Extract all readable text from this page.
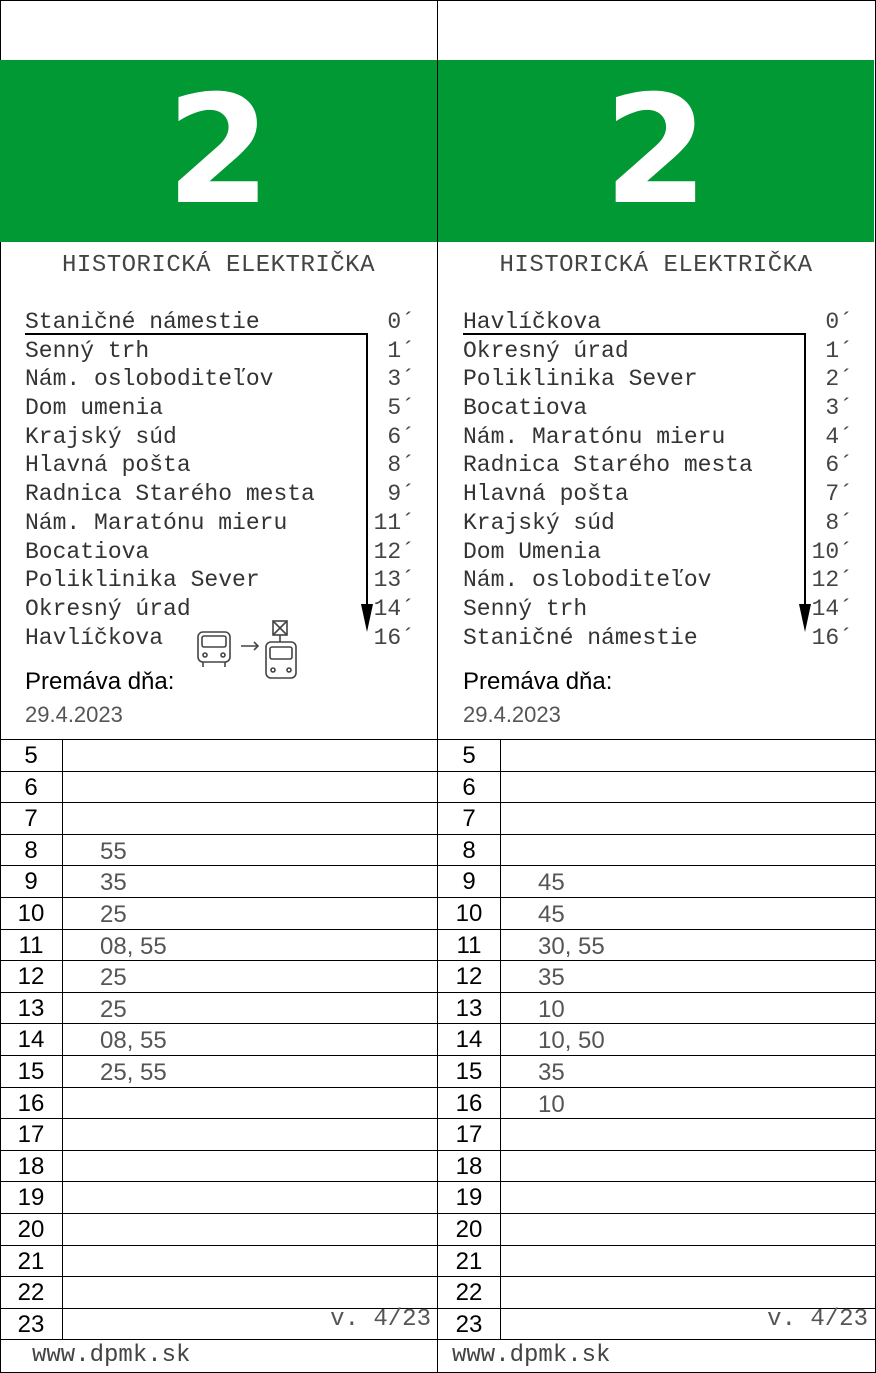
2
HISTORICKÁ ELEKTRIČKA
Staničné námestie	0´
Senný trh	1´
Nám. osloboditeľov	3´
Dom umenia	5´
Krajský súd	6´
Hlavná pošta	8´
Radnica Starého mesta	9´
Nám. Maratónu mieru	11´
Bocatiova	12´
Poliklinika Sever	13´
Okresný úrad	14´
Havlíčkova	16´
Premáva dňa:
29.4.2023
5
6
7
8	55
9	35
10	25
11	08, 55
12	25
13	25
14	08, 55
15	25, 55
16
17
18
19
20
21
22
23	v. 4/23
www.dpmk.sk
2
HISTORICKÁ ELEKTRIČKA
Havlíčkova	0´
Okresný úrad	1´
Poliklinika Sever	2´
Bocatiova	3´
Nám. Maratónu mieru	4´
Radnica Starého mesta	6´
Hlavná pošta	7´
Krajský súd	8´
Dom Umenia	10´
Nám. osloboditeľov	12´
Senný trh	14´
Staničné námestie	16´
Premáva dňa:
29.4.2023
5
6
7
8
9	45
10	45
11	30, 55
12	35
13	10
14	10, 50
15	35
16	10
17
18
19
20
21
22
23	v. 4/23
www.dpmk.sk
